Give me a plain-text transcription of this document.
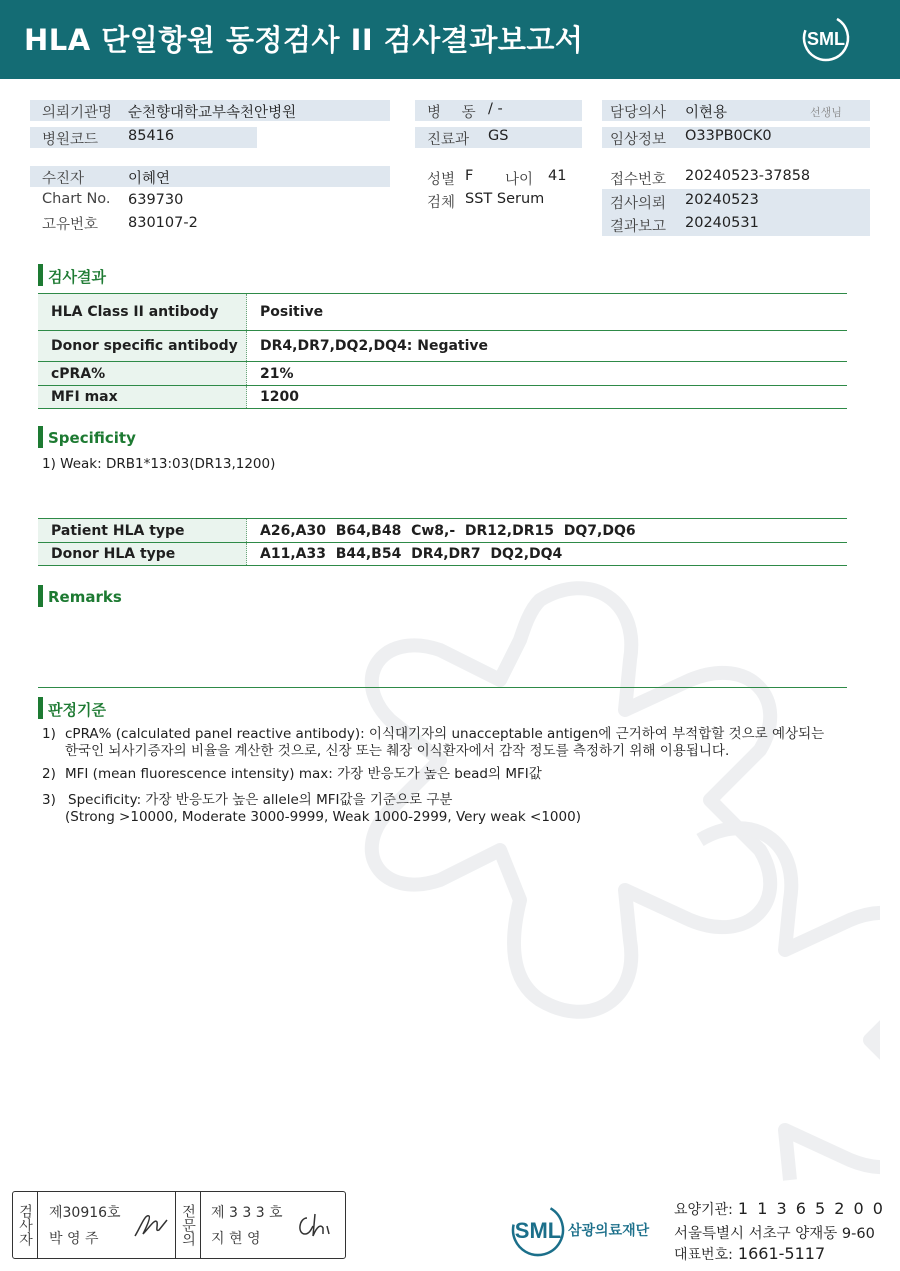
HLA 단일항원 동정검사 II 검사결과보고서	SML
의뢰기관명 순천향대학교부속천안병원	병 동 / -	담당의사 이현용	선생님
병원코드 85416	진료과 GS	임상정보 O33PB0CK0
수진자	이혜연	성별 F 나이 41	접수번호 20240523-37858
Chart No. 639730	검체 SST Serum	검사의뢰 20240523
고유번호 830107-2	결과보고 20240531
검사결과
HLA Class II antibody	Positive
Donor specific antibody	DR4,DR7,DQ2,DQ4: Negative
cPRA%	21%
MFI max	1200
Specificity
1) Weak: DRB1*13:03(DR13,1200)
Patient HLA type	A26,A30  B64,B48  Cw8,-  DR12,DR15  DQ7,DQ6
Donor HLA type	A11,A33  B44,B54  DR4,DR7  DQ2,DQ4
Remarks
판정기준
1) cPRA% (calculated panel reactive antibody): 이식대기자의 unacceptable antigen에 근거하여 부적합할 것으로 예상되는
한국인 뇌사기증자의 비율을 계산한 것으로, 신장 또는 췌장 이식환자에서 감작 정도를 측정하기 위해 이용됩니다.
2) MFI (mean fluorescence intensity) max: 가장 반응도가 높은 bead의 MFI값
3) Specificity: 가장 반응도가 높은 allele의 MFI값을 기준으로 구분
(Strong >10000, Moderate 3000-9999, Weak 1000-2999, Very weak <1000)
검사자	제30916호
박 영 주	전문의	제 3 3 3 호
지 현 영	SML 삼광의료재단
요양기관: 1 1 3 6 5 2 0 0
서울특별시 서초구 양재동 9-60
대표번호: 1661-5117
